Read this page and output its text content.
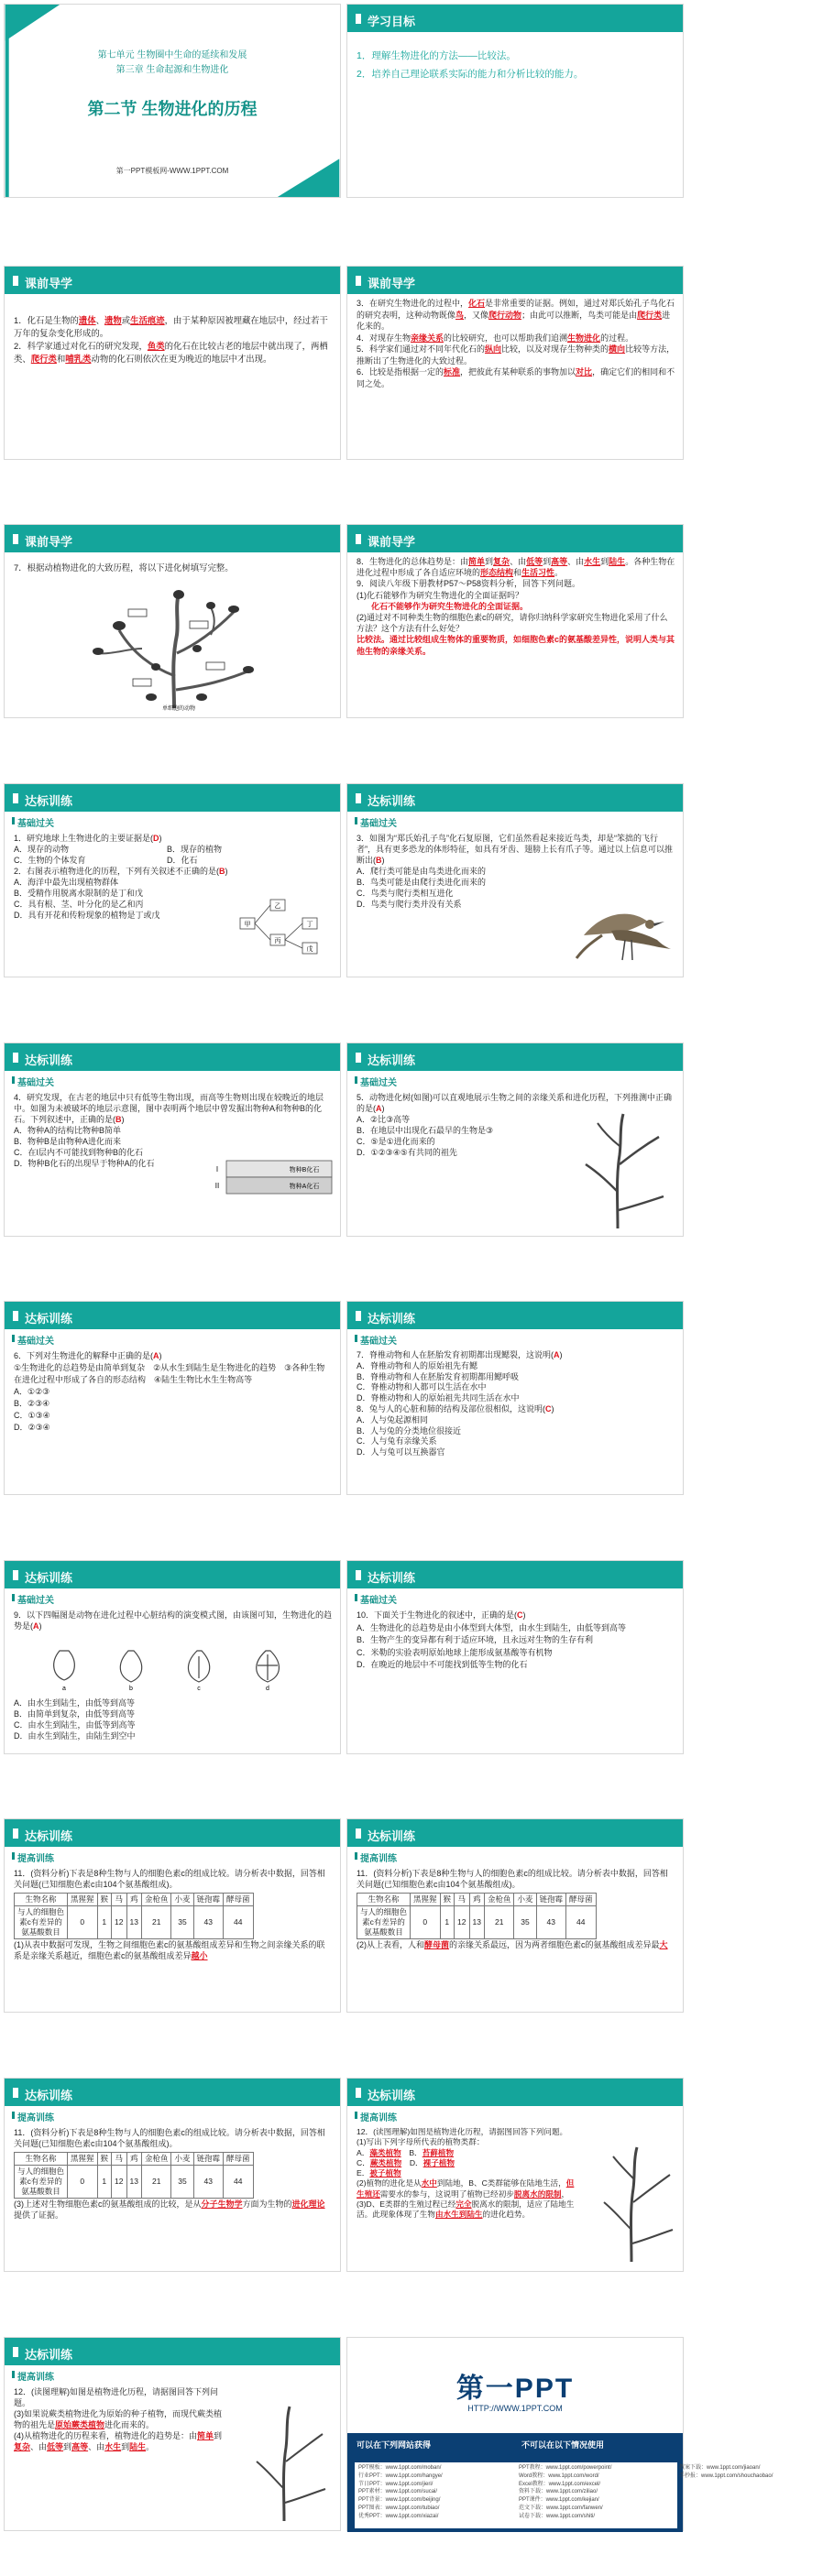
第七单元 生物圈中生命的延续和发展
第三章 生命起源和生物进化
第二节 生物进化的历程
第一PPT模板网-WWW.1PPT.COM
学习目标
1．理解生物进化的方法——比较法。
2．培养自己理论联系实际的能力和分析比较的能力。
课前导学

1．化石是生物的遗体、遗物或生活痕迹，由于某种原因被埋藏在地层中，经过若干万年的复杂变化形成的。

2．科学家通过对化石的研究发现，鱼类的化石在比较古老的地层中就出现了，两栖类、爬行类和哺乳类动物的化石则依次在更为晚近的地层中才出现。

课前导学

3．在研究生物进化的过程中，化石是非常重要的证据。例如，通过对郑氏始孔子鸟化石的研究表明，这种动物既像鸟，又像爬行动物；由此可以推断，鸟类可能是由爬行类进化来的。

4．对现存生物亲缘关系的比较研究，也可以帮助我们追溯生物进化的过程。

5．科学家们通过对不同年代化石的纵向比较，以及对现存生物种类的横向比较等方法，推断出了生物进化的大致过程。

6．比较是指根据一定的标准，把彼此有某种联系的事物加以对比，确定它们的相同和不同之处。

课前导学

7．根据动植物进化的大致历程，将以下进化树填写完整。

单细胞的动物
课前导学

8．生物进化的总体趋势是：由简单到复杂、由低等到高等、由水生到陆生。各种生物在进化过程中形成了各自适应环境的形态结构和生活习性。

9．阅读八年级下册教材P57～P58资料分析，回答下列问题。

(1)化石能够作为研究生物进化的全面证据吗？

化石不能够作为研究生物进化的全面证据。

(2)通过对不同种类生物的细胞色素c的研究，请你归纳科学家研究生物进化采用了什么方法？这个方法有什么好处？

比较法。通过比较组成生物体的重要物质，如细胞色素c的氨基酸差异性，说明人类与其他生物的亲缘关系。

达标训练
基础过关

1．研究地球上生物进化的主要证据是(D)

A．现存的动物	B．现存的植物

C．生物的个体发育	D．化石

2．右图表示植物进化的历程，下列有关叙述不正确的是(B)

A．海洋中最先出现植物群体

B．受精作用脱离水限制的是丁和戊

C．具有根、茎、叶分化的是乙和丙

D．具有开花和传粉现象的植物是丁或戊

甲
乙
丙
丁
戊
达标训练
基础过关

3．如图为“郑氏始孔子鸟”化石复原图，它们虽然看起来接近鸟类，却是“笨拙的飞行者”，具有更多恐龙的体形特征，如具有牙齿、翅膀上长有爪子等。通过以上信息可以推断出(B)

A．爬行类可能是由鸟类进化而来的

B．鸟类可能是由爬行类进化而来的

C．鸟类与爬行类相互进化

D．鸟类与爬行类并没有关系

达标训练
基础过关

4．研究发现，在古老的地层中只有低等生物出现，而高等生物则出现在较晚近的地层中。如图为未被破坏的地层示意图，图中表明两个地层中曾发掘出物种A和物种B的化石。下列叙述中，正确的是(B)

A．物种A的结构比物种B简单

B．物种B是由物种A进化而来

C．在I层内不可能找到物种B的化石

D．物种B化石的出现早于物种A的化石

I
II
物种B化石
物种A化石
达标训练
基础过关

5．动物进化树(如图)可以直观地展示生物之间的亲缘关系和进化历程，下列推测中正确的是(A)

A．②比③高等

B．在地层中出现化石最早的生物是③

C．⑤是①进化而来的

D．①②③④⑤有共同的祖先

达标训练
基础过关

6．下列对生物进化的解释中正确的是(A)

①生物进化的总趋势是由简单到复杂　②从水生到陆生是生物进化的趋势　③各种生物在进化过程中形成了各自的形态结构　④陆生生物比水生生物高等

A．①②③

B．②③④

C．①③④

D．②③④

达标训练
基础过关

7．脊椎动物和人在胚胎发育初期都出现鳃裂，这说明(A)

A．脊椎动物和人的原始祖先有鳃

B．脊椎动物和人在胚胎发育初期都用鳃呼吸

C．脊椎动物和人都可以生活在水中

D．脊椎动物和人的原始祖先共同生活在水中

8．兔与人的心脏和肺的结构及部位很相似，这说明(C)

A．人与兔起源相同

B．人与兔的分类地位很接近

C．人与兔有亲缘关系

D．人与兔可以互换器官

达标训练
基础过关

9．以下四幅图是动物在进化过程中心脏结构的演变模式图，由该图可知，生物进化的趋势是(A)

a	b	c	d

A．由水生到陆生，由低等到高等

B．由简单到复杂，由低等到高等

C．由水生到陆生，由低等到高等

D．由水生到陆生，由陆生到空中

达标训练
基础过关

10．下面关于生物进化的叙述中，正确的是(C)

A．生物进化的总趋势是由小体型到大体型，由水生到陆生，由低等到高等

B．生物产生的变异都有利于适应环境，且永远对生物的生存有利

C．米勒的实验表明原始地球上能形成氨基酸等有机物

D．在晚近的地层中不可能找到低等生物的化石

达标训练
提高训练

11．(资料分析)下表是8种生物与人的细胞色素c的组成比较。请分析表中数据，回答相关问题(已知细胞色素c由104个氨基酸组成)。

生物名称	黑猩猩	猴	马	鸡	金枪鱼	小麦	链孢霉	酵母菌
与人的细胞色素c有差异的氨基酸数目	0	1	12	13	21	35	43	44

(1)从表中数据可发现，生物之间细胞色素c的氨基酸组成差异和生物之间亲缘关系的联系是亲缘关系越近，细胞色素c的氨基酸组成差异越小

达标训练
提高训练

11．(资料分析)下表是8种生物与人的细胞色素c的组成比较。请分析表中数据，回答相关问题(已知细胞色素c由104个氨基酸组成)。

生物名称	黑猩猩	猴	马	鸡	金枪鱼	小麦	链孢霉	酵母菌
与人的细胞色素c有差异的氨基酸数目	0	1	12	13	21	35	43	44

(2)从上表看，人和酵母菌的亲缘关系最远，因为两者细胞色素c的氨基酸组成差异最大

达标训练
提高训练

11．(资料分析)下表是8种生物与人的细胞色素c的组成比较。请分析表中数据，回答相关问题(已知细胞色素c由104个氨基酸组成)。

生物名称	黑猩猩	猴	马	鸡	金枪鱼	小麦	链孢霉	酵母菌
与人的细胞色素c有差异的氨基酸数目	0	1	12	13	21	35	43	44

(3)上述对生物细胞色素c的氨基酸组成的比较，是从分子生物学方面为生物的进化理论提供了证据。

达标训练
提高训练

12．(读图理解)如图是植物进化历程，请据图回答下列问题。

(1)写出下列字母所代表的植物类群：

A．藻类植物　 B．苔藓植物

C．蕨类植物　 D．裸子植物

E．被子植物

(2)植物的进化是从水中到陆地，B、C类群能够在陆地生活，但生殖还需要水的参与，这说明了植物已经初步脱离水的限制，

(3)D、E类群的生殖过程已经完全脱离水的限制，适应了陆地生活。此现象体现了生物由水生到陆生的进化趋势。

达标训练
提高训练

12．(读图理解)如图是植物进化历程，请据图回答下列问题。

(3)如果说蕨类植物进化为原始的种子植物，而现代蕨类植物的祖先是原始蕨类植物进化而来的。

(4)从植物进化的历程来看，植物进化的趋势是：由简单到复杂、由低等到高等、由水生到陆生。

第一PPT
HTTP://WWW.1PPT.COM
可以在下列网站获得	不可以在以下情况使用
PPT模板：www.1ppt.com/moban/
行业PPT：www.1ppt.com/hangye/
节日PPT：www.1ppt.com/jieri/
PPT素材：www.1ppt.com/sucai/
PPT背景：www.1ppt.com/beijing/
PPT图表：www.1ppt.com/tubiao/
优秀PPT：www.1ppt.com/xiazai/
PPT教程：www.1ppt.com/powerpoint/
Word教程：www.1ppt.com/word/
Excel教程：www.1ppt.com/excel/
资料下载：www.1ppt.com/ziliao/
PPT课件：www.1ppt.com/kejian/
范文下载：www.1ppt.com/fanwen/
试卷下载：www.1ppt.com/shiti/
教案下载：www.1ppt.com/jiaoan/
手抄报：www.1ppt.com/shouchaobao/
